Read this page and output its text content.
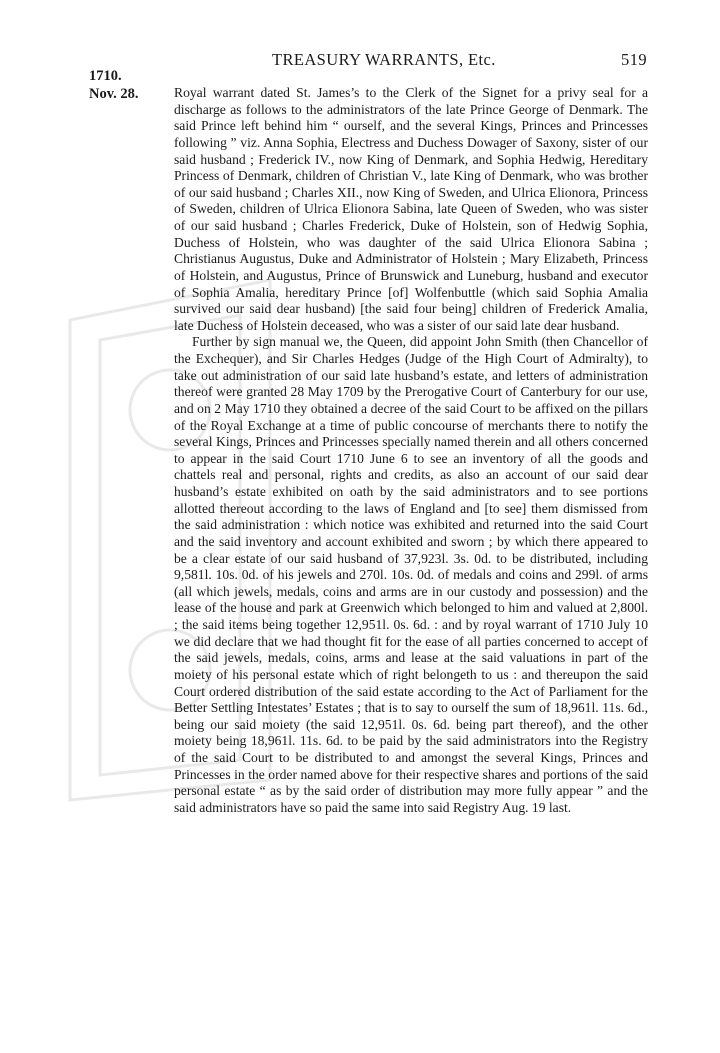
TREASURY WARRANTS, Etc.	519
1710.
Nov. 28.	Royal warrant dated St. James’s to the Clerk of the Signet for a privy seal for a discharge as follows to the administrators of the late Prince George of Denmark. The said Prince left behind him “ ourself, and the several Kings, Princes and Princesses following ” viz. Anna Sophia, Electress and Duchess Dowager of Saxony, sister of our said husband ; Frederick IV., now King of Denmark, and Sophia Hedwig, Hereditary Princess of Denmark, children of Christian V., late King of Denmark, who was brother of our said husband ; Charles XII., now King of Sweden, and Ulrica Elionora, Princess of Sweden, children of Ulrica Elionora Sabina, late Queen of Sweden, who was sister of our said husband ; Charles Frederick, Duke of Holstein, son of Hedwig Sophia, Duchess of Holstein, who was daughter of the said Ulrica Elionora Sabina ; Christianus Augustus, Duke and Administrator of Holstein ; Mary Elizabeth, Princess of Holstein, and Augustus, Prince of Brunswick and Luneburg, husband and executor of Sophia Amalia, hereditary Prince [of] Wolfenbuttle (which said Sophia Amalia survived our said dear husband) [the said four being] children of Frederick Amalia, late Duchess of Holstein deceased, who was a sister of our said late dear husband.

Further by sign manual we, the Queen, did appoint John Smith (then Chancellor of the Exchequer), and Sir Charles Hedges (Judge of the High Court of Admiralty), to take out administration of our said late husband’s estate, and letters of administration thereof were granted 28 May 1709 by the Prerogative Court of Canterbury for our use, and on 2 May 1710 they obtained a decree of the said Court to be affixed on the pillars of the Royal Exchange at a time of public concourse of merchants there to notify the several Kings, Princes and Princesses specially named therein and all others concerned to appear in the said Court 1710 June 6 to see an inventory of all the goods and chattels real and personal, rights and credits, as also an account of our said dear husband’s estate exhibited on oath by the said administrators and to see portions allotted thereout according to the laws of England and [to see] them dismissed from the said administration : which notice was exhibited and returned into the said Court and the said inventory and account exhibited and sworn ; by which there appeared to be a clear estate of our said husband of 37,923l. 3s. 0d. to be distributed, including 9,581l. 10s. 0d. of his jewels and 270l. 10s. 0d. of medals and coins and 299l. of arms (all which jewels, medals, coins and arms are in our custody and possession) and the lease of the house and park at Greenwich which belonged to him and valued at 2,800l. ; the said items being together 12,951l. 0s. 6d. : and by royal warrant of 1710 July 10 we did declare that we had thought fit for the ease of all parties concerned to accept of the said jewels, medals, coins, arms and lease at the said valuations in part of the moiety of his personal estate which of right belongeth to us : and thereupon the said Court ordered distribution of the said estate according to the Act of Parliament for the Better Settling Intestates’ Estates ; that is to say to ourself the sum of 18,961l. 11s. 6d., being our said moiety (the said 12,951l. 0s. 6d. being part thereof), and the other moiety being 18,961l. 11s. 6d. to be paid by the said administrators into the Registry of the said Court to be distributed to and amongst the several Kings, Princes and Princesses in the order named above for their respective shares and portions of the said personal estate “ as by the said order of distribution may more fully appear ” and the said administrators have so paid the same into said Registry Aug. 19 last.
